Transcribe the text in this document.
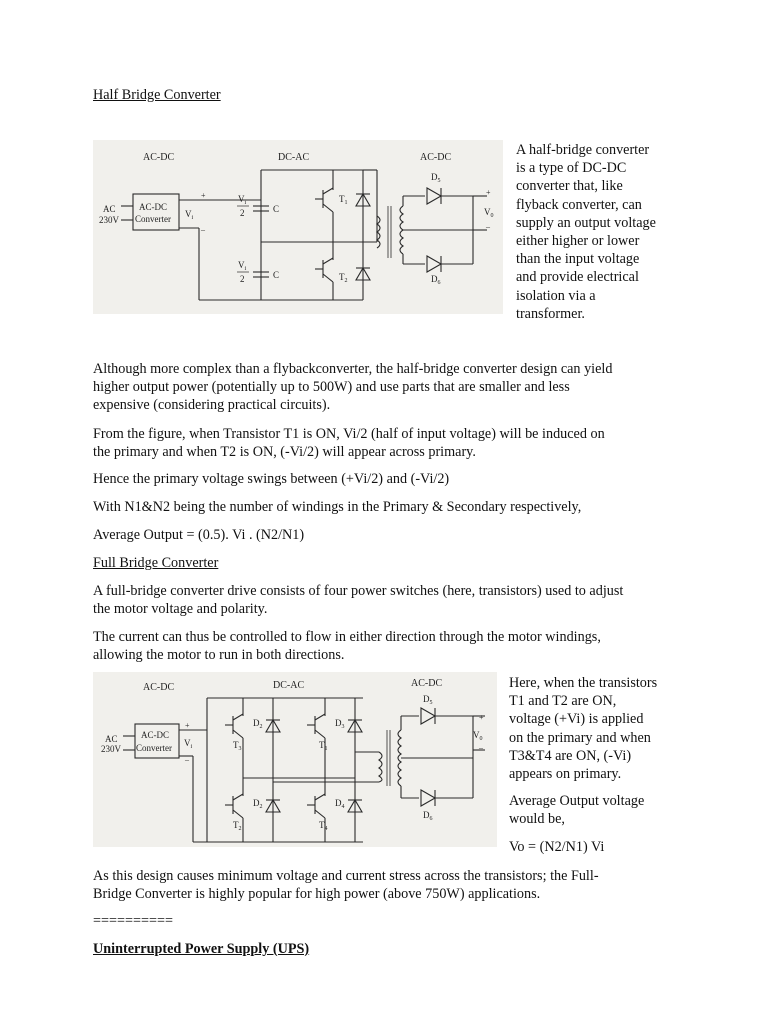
Half Bridge Converter

AC-DC	DC-AC	AC-DC
AC
230V
AC-DC
Converter $V_i$
+
–
C
$V_i$
2
C
$V_i$
2
$T_1$
$T_2$
$D_5$
$D_6$
+
–
$V_0$

A half-bridge converter

is a type of DC-DC

converter that, like

flyback converter, can

supply an output voltage

either higher or lower

than the input voltage

and provide electrical

isolation via a

transformer.

Although more complex than a flybackconverter, the half-bridge converter design can yield

higher output power (potentially up to 500W) and use parts that are smaller and less

expensive (considering practical circuits).

From the figure, when Transistor T1 is ON, Vi/2 (half of input voltage) will be induced on

the primary and when T2 is ON, (-Vi/2) will appear across primary.

Hence the primary voltage swings between (+Vi/2) and (-Vi/2)

With N1&N2 being the number of windings in the Primary & Secondary respectively,

Average Output = (0.5). Vi . (N2/N1)

Full Bridge Converter

A full-bridge converter drive consists of four power switches (here, transistors) used to adjust

the motor voltage and polarity.

The current can thus be controlled to flow in either direction through the motor windings,

allowing the motor to run in both directions.

AC-DC	DC-AC	AC-DC
AC
230V
AC-DC
Converter $V_i$
+
–
$T_3$
$D_2$
$T_2$
$D_2$
$T_1$
$D_3$
$T_4$
$D_4$
$D_5$
$D_6$
+
–
$V_0$

Here, when the transistors

T1 and T2 are ON,

voltage (+Vi) is applied

on the primary and when

T3&T4 are ON, (-Vi)

appears on primary.

Average Output voltage

would be,

Vo = (N2/N1) Vi

As this design causes minimum voltage and current stress across the transistors; the Full-

Bridge Converter is highly popular for high power (above 750W) applications.

==========

Uninterrupted Power Supply (UPS)
